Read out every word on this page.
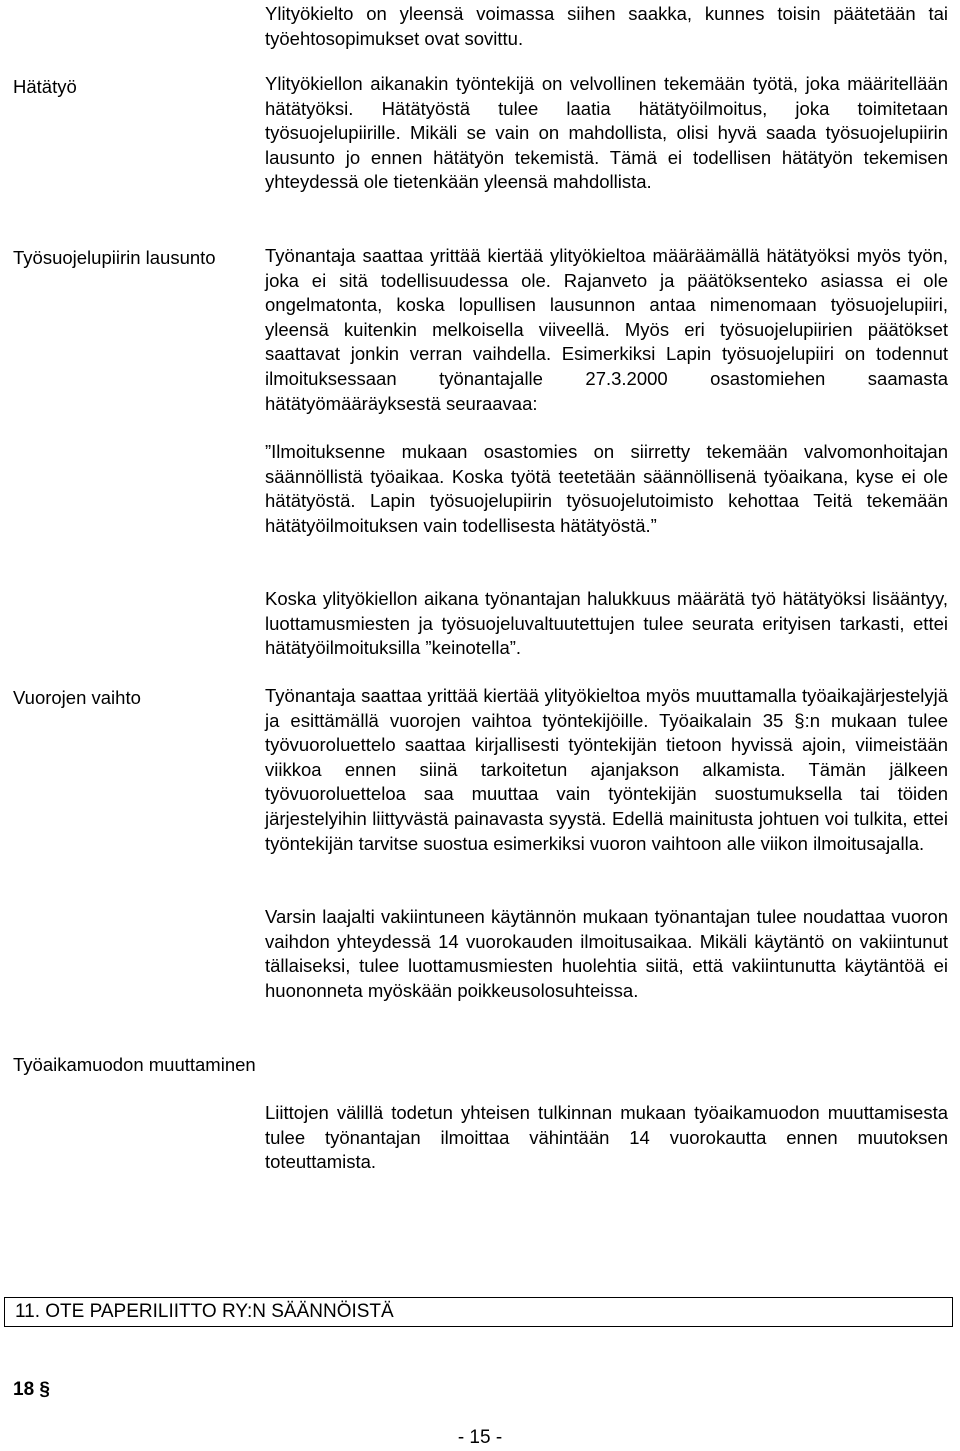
Ylityökielto on yleensä voimassa siihen saakka, kunnes toisin päätetään tai työehtosopimukset ovat sovittu.

Hätätyö	Ylityökiellon aikanakin työntekijä on velvollinen tekemään työtä, joka määritellään hätätyöksi. Hätätyöstä tulee laatia hätätyöilmoitus, joka toimitetaan työsuojelupiirille. Mikäli se vain on mahdollista, olisi hyvä saada työsuojelupiirin lausunto jo ennen hätätyön tekemistä. Tämä ei todellisen hätätyön tekemisen yhteydessä ole tietenkään yleensä mahdollista.

Työsuojelupiirin lausunto	Työnantaja saattaa yrittää kiertää ylityökieltoa määräämällä hätätyöksi myös työn, joka ei sitä todellisuudessa ole. Rajanveto ja päätöksenteko asiassa ei ole ongelmatonta, koska lopullisen lausunnon antaa nimenomaan työsuojelupiiri, yleensä kuitenkin melkoisella viiveellä. Myös eri työsuojelupiirien päätökset saattavat jonkin verran vaihdella. Esimerkiksi Lapin työsuojelupiiri on todennut ilmoituksessaan työnantajalle 27.3.2000 osastomiehen saamasta hätätyömääräyksestä seuraavaa:

”Ilmoituksenne mukaan osastomies on siirretty tekemään valvomonhoitajan säännöllistä työaikaa. Koska työtä teetetään säännöllisenä työaikana, kyse ei ole hätätyöstä. Lapin työsuojelupiirin työsuojelutoimisto kehottaa Teitä tekemään hätätyöilmoituksen vain todellisesta hätätyöstä.”

Koska ylityökiellon aikana työnantajan halukkuus määrätä työ hätätyöksi lisääntyy, luottamusmiesten ja työsuojeluvaltuutettujen tulee seurata erityisen tarkasti, ettei hätätyöilmoituksilla ”keinotella”.

Vuorojen vaihto	Työnantaja saattaa yrittää kiertää ylityökieltoa myös muuttamalla työaikajärjestelyjä ja esittämällä vuorojen vaihtoa työntekijöille. Työaikalain 35 §:n mukaan tulee työvuoroluettelo saattaa kirjallisesti työntekijän tietoon hyvissä ajoin, viimeistään viikkoa ennen siinä tarkoitetun ajanjakson alkamista. Tämän jälkeen työvuoroluetteloa saa muuttaa vain työntekijän suostumuksella tai töiden järjestelyihin liittyvästä painavasta syystä. Edellä mainitusta johtuen voi tulkita, ettei työntekijän tarvitse suostua esimerkiksi vuoron vaihtoon alle viikon ilmoitusajalla.

Varsin laajalti vakiintuneen käytännön mukaan työnantajan tulee noudattaa vuoron vaihdon yhteydessä 14 vuorokauden ilmoitusaikaa. Mikäli käytäntö on vakiintunut tällaiseksi, tulee luottamusmiesten huolehtia siitä, että vakiintunutta käytäntöä ei huononneta myöskään poikkeusolosuhteissa.

Työaikamuodon muuttaminen

Liittojen välillä todetun yhteisen tulkinnan mukaan työaikamuodon muuttamisesta tulee työnantajan ilmoittaa vähintään 14 vuorokautta ennen muutoksen toteuttamista.

11. OTE PAPERILIITTO RY:N SÄÄNNÖISTÄ
18 §
- 15 -
